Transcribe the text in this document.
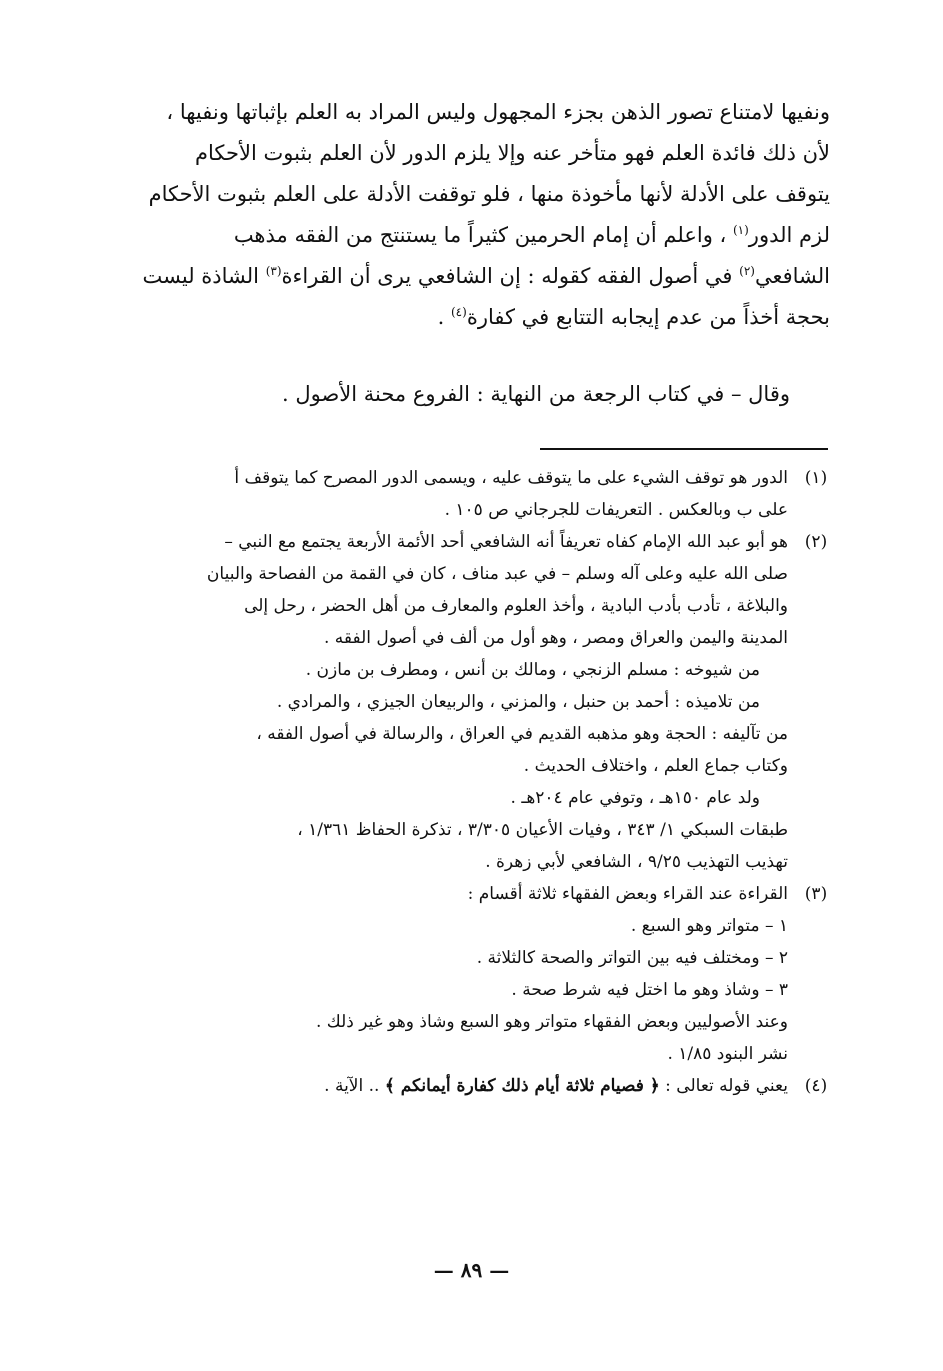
ونفيها لامتناع تصور الذهن بجزء المجهول وليس المراد به العلم بإثباتها ونفيها ،
لأن ذلك فائدة العلم فهو متأخر عنه وإلا يلزم الدور لأن العلم بثبوت الأحكام
يتوقف على الأدلة لأنها مأخوذة منها ، فلو توقفت الأدلة على العلم بثبوت الأحكام
لزم الدور$^{(١)}$ ، واعلم أن إمام الحرمين كثيراً ما يستنتج من الفقه مذهب
الشافعي$^{(٢)}$ في أصول الفقه كقوله : إن الشافعي يرى أن القراءة$^{(٣)}$ الشاذة ليست
بحجة أخذاً من عدم إيجابه التتابع في كفارة$^{(٤)}$ .
وقال – في كتاب الرجعة من النهاية : الفروع محنة الأصول .
(١)
الدور هو توقف الشيء على ما يتوقف عليه ، ويسمى الدور المصرح كما يتوقف أ
على ب وبالعكس . التعريفات للجرجاني ص ١٠٥ .
(٢)
هو أبو عبد الله الإمام كفاه تعريفاً أنه الشافعي أحد الأئمة الأربعة يجتمع مع النبي –
صلى الله عليه وعلى آله وسلم – في عبد مناف ، كان في القمة من الفصاحة والبيان
والبلاغة ، تأدب بأدب البادية ، وأخذ العلوم والمعارف من أهل الحضر ، رحل إلى
المدينة واليمن والعراق ومصر ، وهو أول من ألف في أصول الفقه .
من شيوخه : مسلم الزنجي ، ومالك بن أنس ، ومطرف بن مازن .
من تلاميذه : أحمد بن حنبل ، والمزني ، والربيعان الجيزي ، والمرادي .
من تآليفه : الحجة وهو مذهبه القديم في العراق ، والرسالة في أصول الفقه ،
وكتاب جماع العلم ، واختلاف الحديث .
ولد عام ١٥٠هـ ، وتوفي عام ٢٠٤هـ .
طبقات السبكي ١/ ٣٤٣ ، وفيات الأعيان ٣/٣٠٥ ، تذكرة الحفاظ ١/٣٦١ ،
تهذيب التهذيب ٩/٢٥ ، الشافعي لأبي زهرة .
(٣)
القراءة عند القراء وبعض الفقهاء ثلاثة أقسام :
١ – متواتر وهو السبع .
٢ – ومختلف فيه بين التواتر والصحة كالثلاثة .
٣ – وشاذ وهو ما اختل فيه شرط صحة .
وعند الأصوليين وبعض الفقهاء متواتر وهو السبع وشاذ وهو غير ذلك .
نشر البنود ١/٨٥ .
(٤)
يعني قوله تعالى : ﴿ فصيام ثلاثة أيام ذلك كفارة أيمانكم ﴾ .. الآية .
— ٨٩ —
